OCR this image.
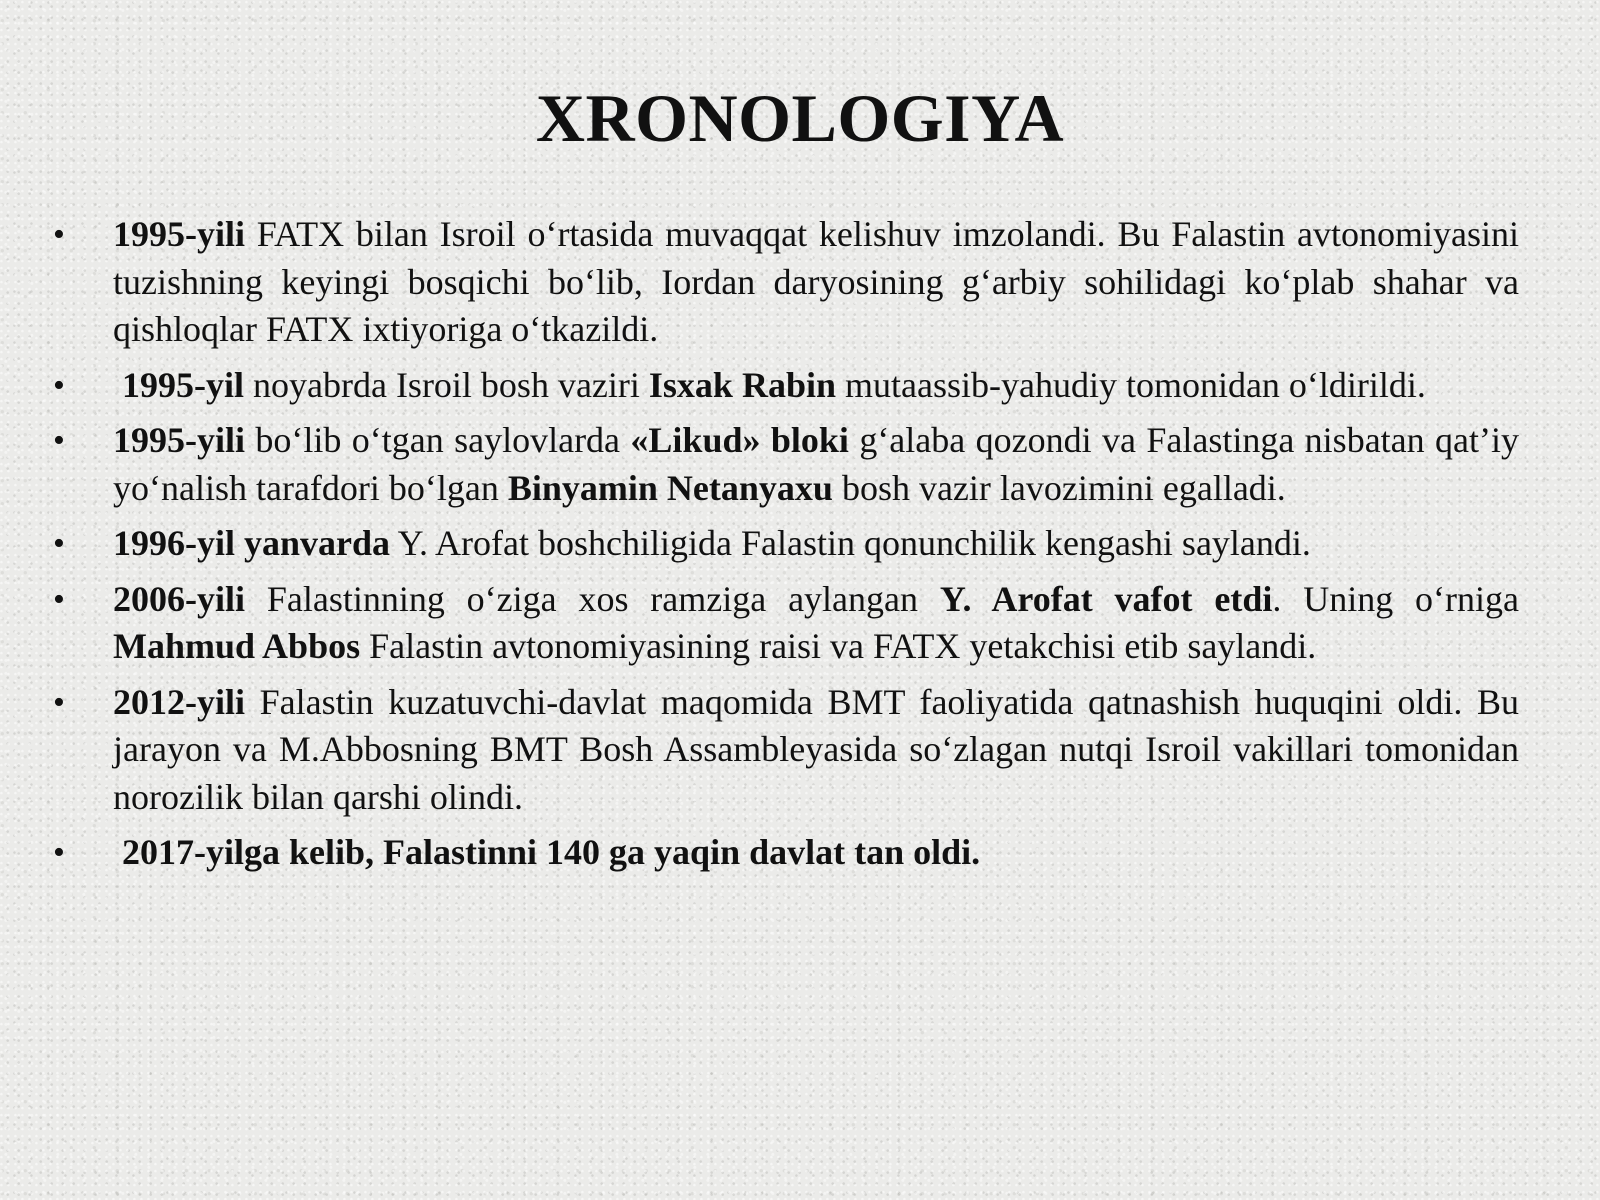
XRONOLOGIYA
• 1995-yili FATX bilan Isroil o‘rtasida muvaqqat kelishuv imzolandi. Bu Falastin avtonomiyasini tuzishning keyingi bosqichi bo‘lib, Iordan daryosining g‘arbiy sohilidagi ko‘plab shahar va qishloqlar FATX ixtiyoriga o‘tkazildi.
• 1995-yil noyabrda Isroil bosh vaziri Isxak Rabin mutaassib-yahudiy tomonidan o‘ldirildi.
• 1995-yili bo‘lib o‘tgan saylovlarda «Likud» bloki g‘alaba qozondi va Falastinga nisbatan qat’iy yo‘nalish tarafdori bo‘lgan Binyamin Netanyaxu bosh vazir lavozimini egalladi.
• 1996-yil yanvarda Y. Arofat boshchiligida Falastin qonunchilik kengashi saylandi.
• 2006-yili Falastinning o‘ziga xos ramziga aylangan Y. Arofat vafot etdi. Uning o‘rniga Mahmud Abbos Falastin avtonomiyasining raisi va FATX yetakchisi etib saylandi.
• 2012-yili Falastin kuzatuvchi-davlat maqomida BMT faoliyatida qatnashish huquqini oldi. Bu jarayon va M.Abbosning BMT Bosh Assambleyasida so‘zlagan nutqi Isroil vakillari tomonidan norozilik bilan qarshi olindi.
• 2017-yilga kelib, Falastinni 140 ga yaqin davlat tan oldi.
